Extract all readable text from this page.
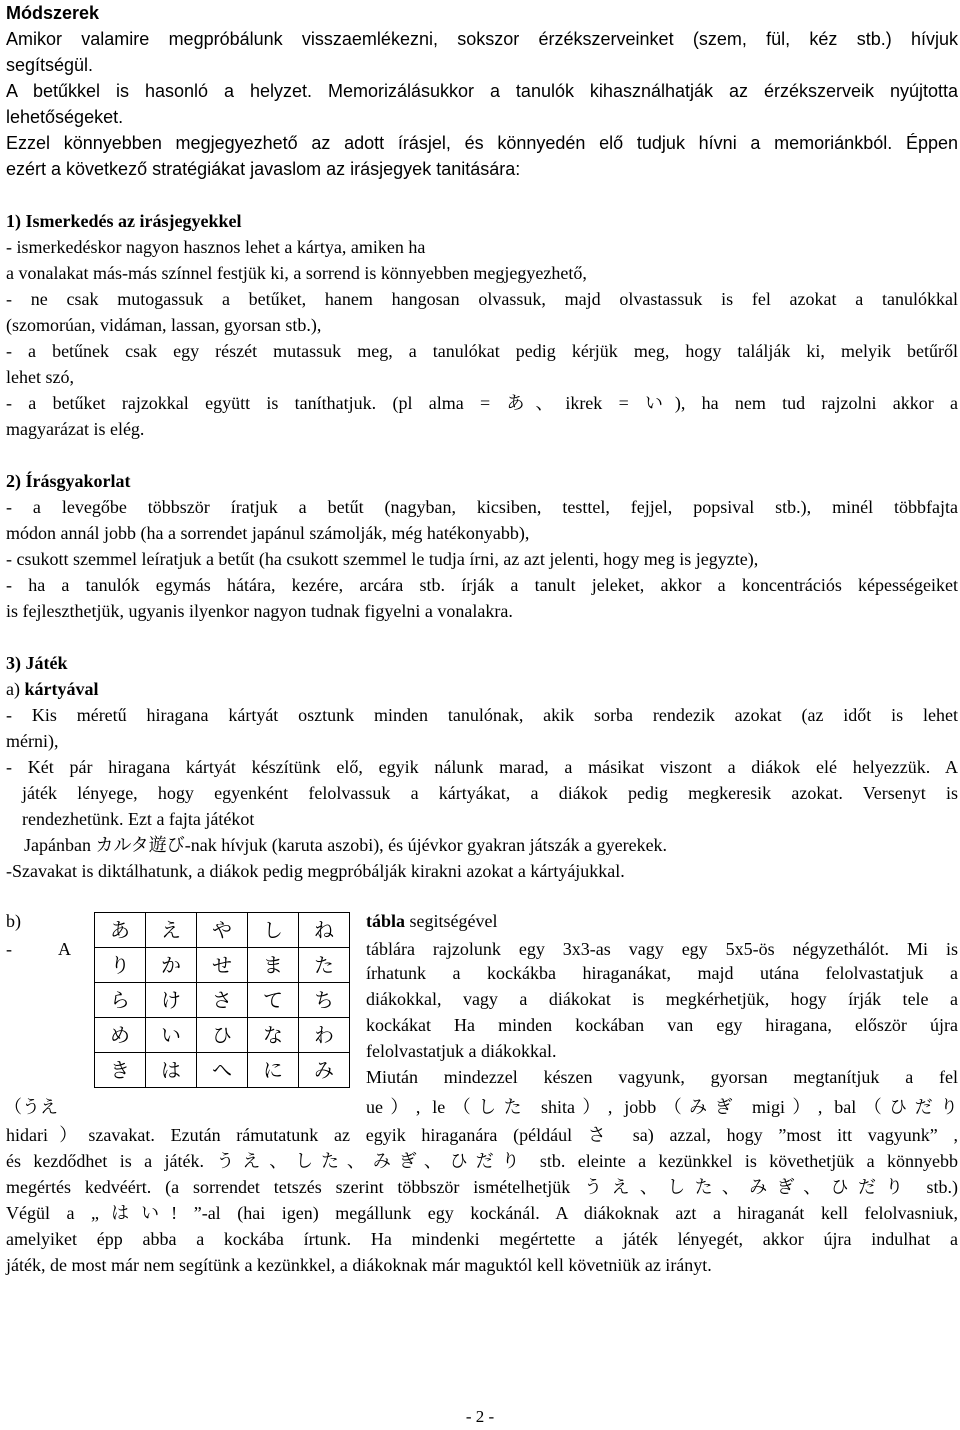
Módszerek
Amikor valamire megpróbálunk visszaemlékezni, sokszor érzékszerveinket (szem, fül, kéz stb.) hívjuk
segítségül.
A betűkkel is hasonló a helyzet. Memorizálásukkor a tanulók kihasználhatják az érzékszerveik nyújtotta
lehetőségeket.
Ezzel könnyebben megjegyezhető az adott írásjel, és könnyedén elő tudjuk hívni a memoriánkból. Éppen
ezért a következő stratégiákat javaslom az irásjegyek tanitására:
1) Ismerkedés az irásjegyekkel
- ismerkedéskor nagyon hasznos lehet a kártya, amiken ha
a vonalakat más-más színnel festjük ki, a sorrend is könnyebben megjegyezhető,
- ne csak mutogassuk a betűket, hanem hangosan olvassuk, majd olvastassuk is fel azokat a tanulókkal
(szomorúan, vidáman, lassan, gyorsan stb.),
- a betűnek csak egy részét mutassuk meg, a tanulókat pedig kérjük meg, hogy találják ki, melyik betűről
lehet szó,
- a betűket rajzokkal együtt is taníthatjuk. (pl alma = あ、ikrek = い), ha nem tud rajzolni akkor a
magyarázat is elég.
2) Írásgyakorlat
- a levegőbe többször íratjuk a betűt (nagyban, kicsiben, testtel, fejjel, popsival stb.), minél többfajta
módon annál jobb (ha a sorrendet japánul számolják, még hatékonyabb),
- csukott szemmel leíratjuk a betűt (ha csukott szemmel le tudja írni, az azt jelenti, hogy meg is jegyzte),
- ha a tanulók egymás hátára, kezére, arcára stb. írják a tanult jeleket, akkor a koncentrációs képességeiket
is fejleszthetjük, ugyanis ilyenkor nagyon tudnak figyelni a vonalakra.
3) Játék
a) kártyával
- Kis méretű hiragana kártyát osztunk minden tanulónak, akik sorba rendezik azokat (az időt is lehet
mérni),
- Két pár hiragana kártyát készítünk elő, egyik nálunk marad, a másikat viszont a diákok elé helyezzük. A
játék lényege, hogy egyenként felolvassuk a kártyákat, a diákok pedig megkeresik azokat. Versenyt is
rendezhetünk. Ezt a fajta játékot
Japánban カルタ遊び-nak hívjuk (karuta aszobi), és újévkor gyakran játszák a gyerekek.
-Szavakat is diktálhatunk, a diákok pedig megpróbálják kirakni azokat a kártyájukkal.
b)
-	A
tábla segitségével
táblára rajzolunk egy 3x3-as vagy egy 5x5-ös négyzethálót. Mi is
írhatunk a kockákba hiraganákat, majd utána felolvastatjuk a
diákokkal, vagy a diákokat is megkérhetjük, hogy írják tele a
kockákat Ha minden kockában van egy hiragana, először újra
felolvastatjuk a diákokkal.
Miután mindezzel készen vagyunk, gyorsan megtanítjuk a fel
（うえ	ue）, le（した shita）, jobb（みぎ migi）, bal（ひだり
あ	え	や	し	ね
り	か	せ	ま	た
ら	け	さ	て	ち
め	い	ひ	な	わ
き	は	へ	に	み
hidari）szavakat. Ezután rámutatunk az egyik hiraganára (például さ sa) azzal, hogy ”most itt vagyunk” ,
és kezdődhet is a játék. うえ、した、みぎ、ひだり stb. eleinte a kezünkkel is követhetjük a könnyebb
megértés kedvéért. (a sorrendet tetszés szerint többször ismételhetjük うえ、した、みぎ、ひだり stb.)
Végül a „はい! ”-al (hai igen) megállunk egy kockánál. A diákoknak azt a hiraganát kell felolvasniuk,
amelyiket épp abba a kockába írtunk. Ha mindenki megértette a játék lényegét, akkor újra indulhat a
játék, de most már nem segítünk a kezünkkel, a diákoknak már maguktól kell követniük az irányt.
- 2 -
